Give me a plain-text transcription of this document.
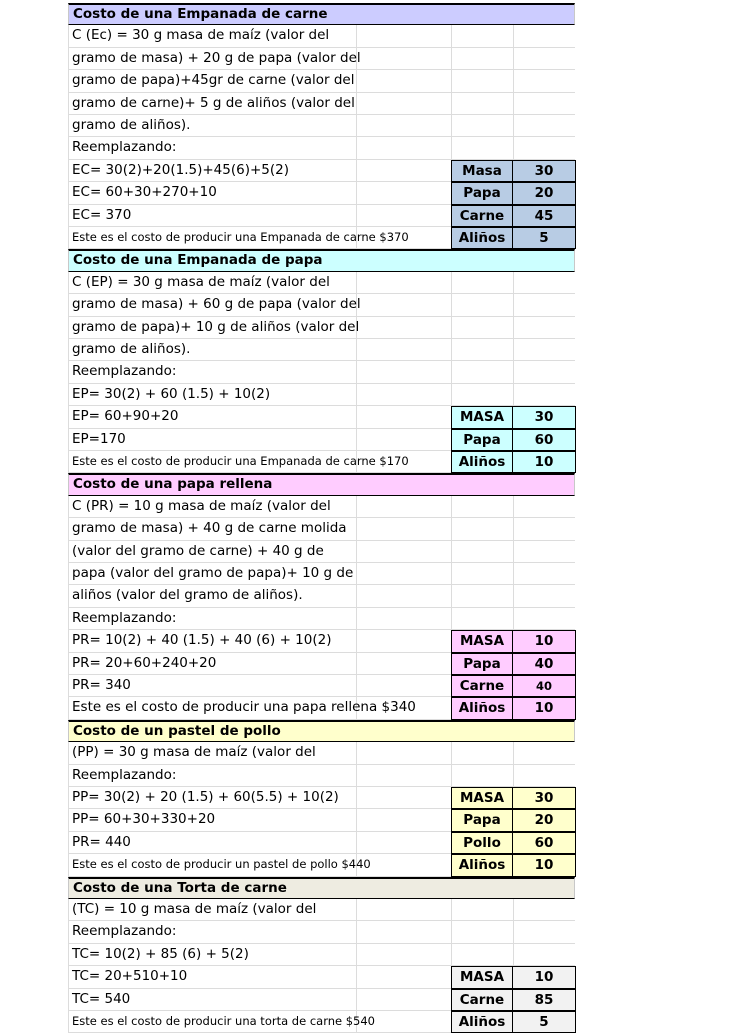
Costo de una Empanada de carne
C (Ec) = 30 g masa de maíz (valor del
gramo de masa) + 20 g de papa (valor del
gramo de papa)+45gr de carne (valor del
gramo de carne)+ 5 g de aliños (valor del
gramo de aliños).
Reemplazando:
EC= 30(2)+20(1.5)+45(6)+5(2)	Masa	30
EC= 60+30+270+10	Papa	20
EC= 370	Carne	45
Este es el costo de producir una Empanada de carne $370	Aliños	5
Costo de una Empanada de papa
C (EP) = 30 g masa de maíz (valor del
gramo de masa) + 60 g de papa (valor del
gramo de papa)+ 10 g de aliños (valor del
gramo de aliños).
Reemplazando:
EP= 30(2) + 60 (1.5) + 10(2)
EP= 60+90+20	MASA	30
EP=170	Papa	60
Este es el costo de producir una Empanada de carne $170	Aliños	10
Costo de una papa rellena
C (PR) = 10 g masa de maíz (valor del
gramo de masa) + 40 g de carne molida
(valor del gramo de carne) + 40 g de
papa (valor del gramo de papa)+ 10 g de
aliños (valor del gramo de aliños).
Reemplazando:
PR= 10(2) + 40 (1.5) + 40 (6) + 10(2)	MASA	10
PR= 20+60+240+20	Papa	40
PR= 340	Carne	40
Este es el costo de producir una papa rellena $340	Aliños	10
Costo de un pastel de pollo
(PP) = 30 g masa de maíz (valor del
Reemplazando:
PP= 30(2) + 20 (1.5) + 60(5.5) + 10(2)	MASA	30
PP= 60+30+330+20	Papa	20
PR= 440	Pollo	60
Este es el costo de producir un pastel de pollo $440	Aliños	10
Costo de una Torta de carne
(TC) = 10 g masa de maíz (valor del
Reemplazando:
TC= 10(2) + 85 (6) + 5(2)
TC= 20+510+10	MASA	10
TC= 540	Carne	85
Este es el costo de producir una torta de carne $540	Aliños	5
